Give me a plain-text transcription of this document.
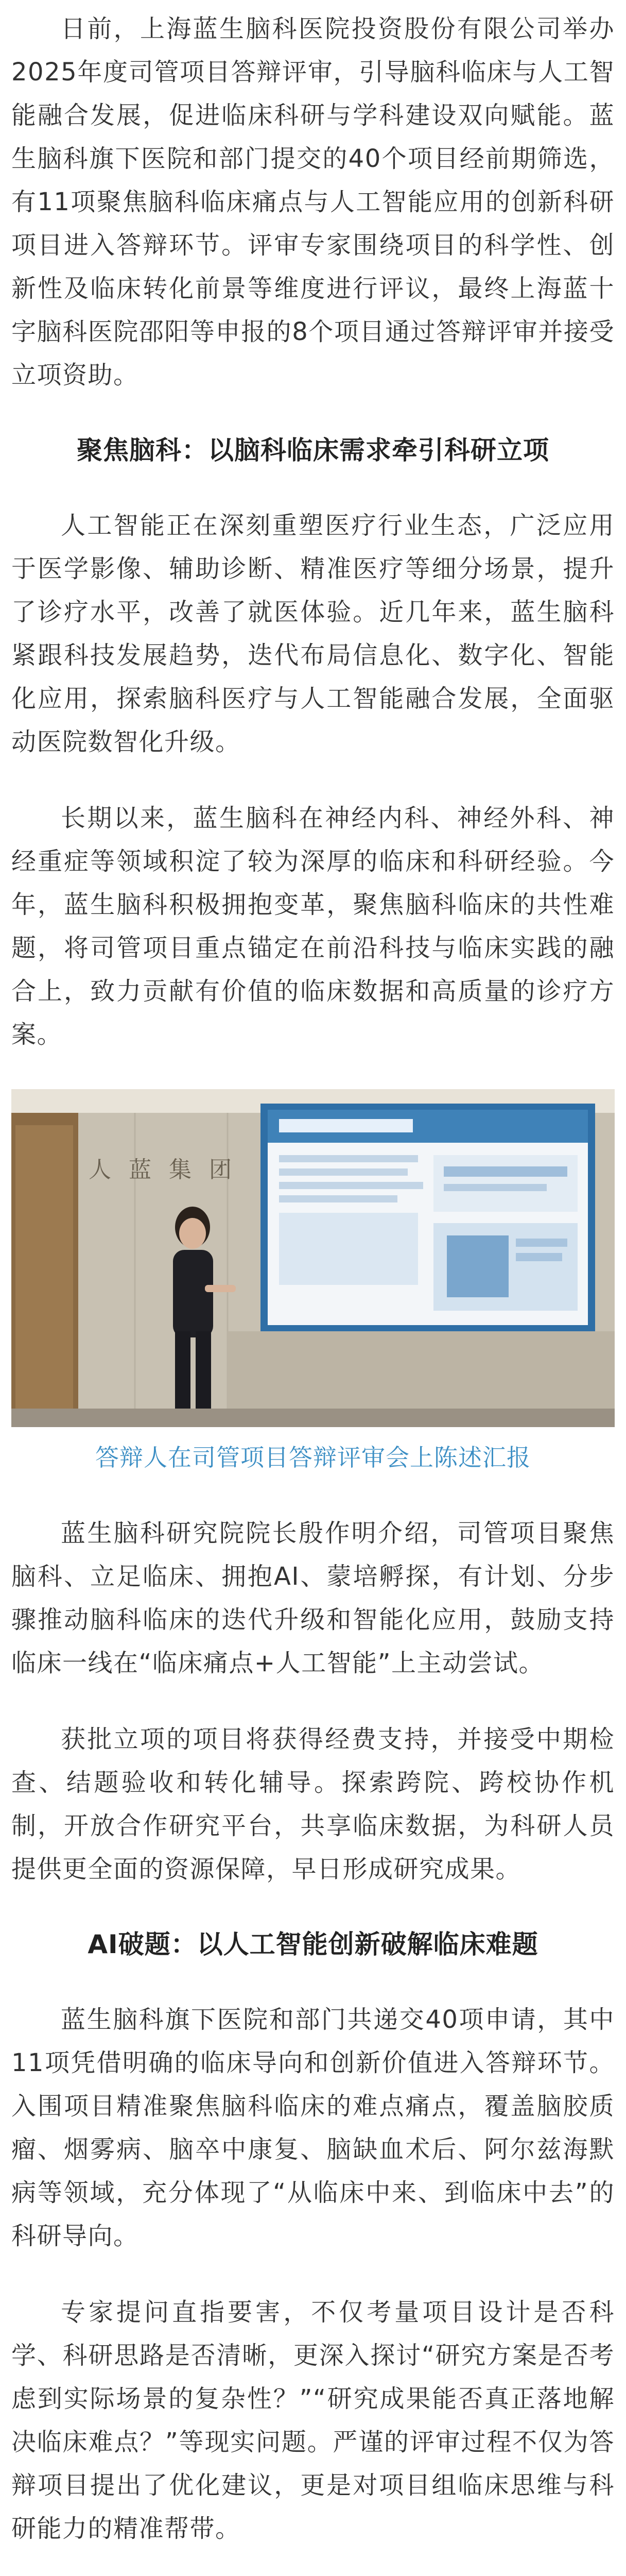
日前，上海蓝生脑科医院投资股份有限公司举办2025年度司管项目答辩评审，引导脑科临床与人工智能融合发展，促进临床科研与学科建设双向赋能。蓝生脑科旗下医院和部门提交的40个项目经前期筛选，有11项聚焦脑科临床痛点与人工智能应用的创新科研项目进入答辩环节。评审专家围绕项目的科学性、创新性及临床转化前景等维度进行评议，最终上海蓝十字脑科医院邵阳等申报的8个项目通过答辩评审并接受立项资助。

聚焦脑科：以脑科临床需求牵引科研立项

人工智能正在深刻重塑医疗行业生态，广泛应用于医学影像、辅助诊断、精准医疗等细分场景，提升了诊疗水平，改善了就医体验。近几年来，蓝生脑科紧跟科技发展趋势，迭代布局信息化、数字化、智能化应用，探索脑科医疗与人工智能融合发展，全面驱动医院数智化升级。

长期以来，蓝生脑科在神经内科、神经外科、神经重症等领域积淀了较为深厚的临床和科研经验。今年，蓝生脑科积极拥抱变革，聚焦脑科临床的共性难题，将司管项目重点锚定在前沿科技与临床实践的融合上，致力贡献有价值的临床数据和高质量的诊疗方案。

人 蓝 集 团
答辩人在司管项目答辩评审会上陈述汇报

蓝生脑科研究院院长殷作明介绍，司管项目聚焦脑科、立足临床、拥抱AI、蒙培孵探，有计划、分步骤推动脑科临床的迭代升级和智能化应用，鼓励支持临床一线在“临床痛点+人工智能”上主动尝试。

获批立项的项目将获得经费支持，并接受中期检查、结题验收和转化辅导。探索跨院、跨校协作机制，开放合作研究平台，共享临床数据，为科研人员提供更全面的资源保障，早日形成研究成果。

AI破题：以人工智能创新破解临床难题

蓝生脑科旗下医院和部门共递交40项申请，其中11项凭借明确的临床导向和创新价值进入答辩环节。入围项目精准聚焦脑科临床的难点痛点，覆盖脑胶质瘤、烟雾病、脑卒中康复、脑缺血术后、阿尔兹海默病等领域，充分体现了“从临床中来、到临床中去”的科研导向。

专家提问直指要害，不仅考量项目设计是否科学、科研思路是否清晰，更深入探讨“研究方案是否考虑到实际场景的复杂性？”“研究成果能否真正落地解决临床难点？”等现实问题。严谨的评审过程不仅为答辩项目提出了优化建议，更是对项目组临床思维与科研能力的精准帮带。
